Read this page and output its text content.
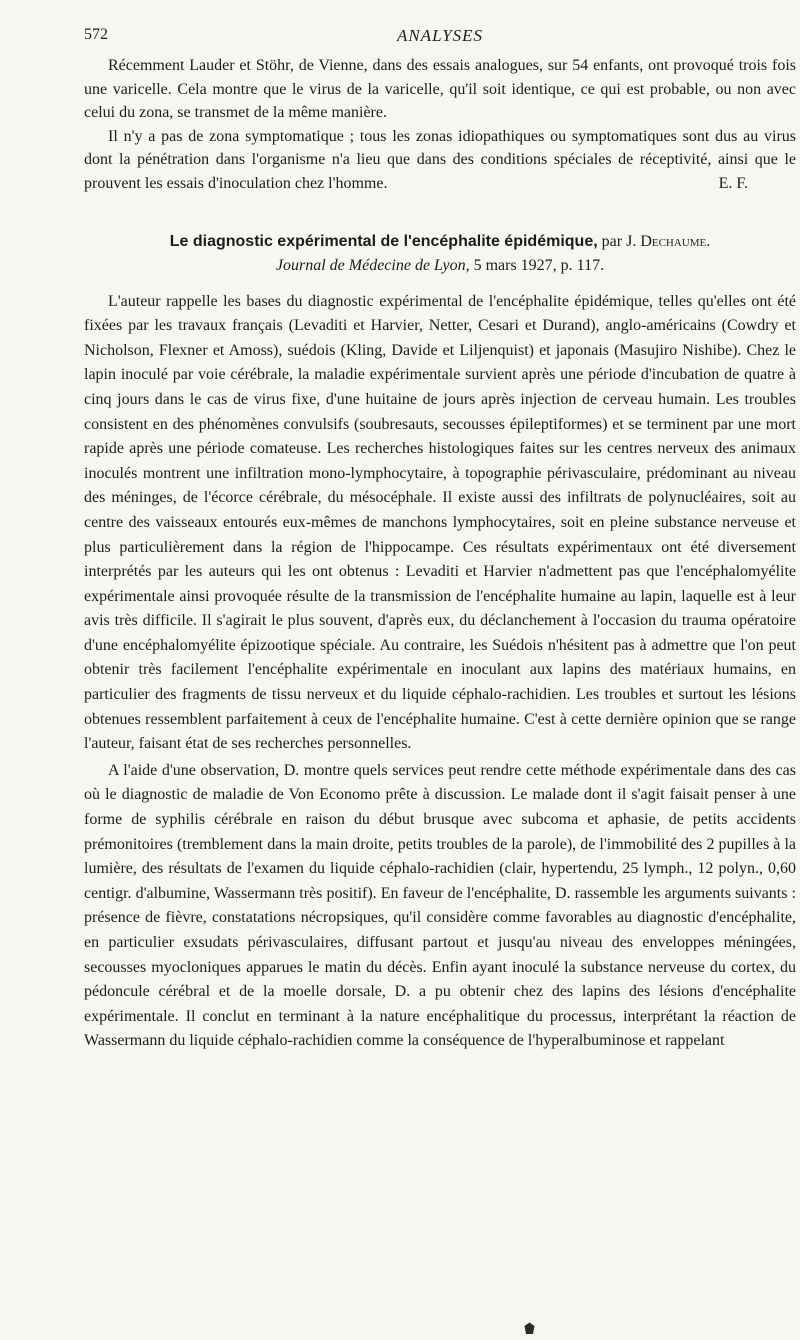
572	ANALYSES

Récemment Lauder et Stöhr, de Vienne, dans des essais analogues, sur 54 enfants, ont provoqué trois fois une varicelle. Cela montre que le virus de la varicelle, qu'il soit identique, ce qui est probable, ou non avec celui du zona, se transmet de la même manière.

Il n'y a pas de zona symptomatique ; tous les zonas idiopathiques ou symptomatiques sont dus au virus dont la pénétration dans l'organisme n'a lieu que dans des conditions spéciales de réceptivité, ainsi que le prouvent les essais d'inoculation chez l'homme.	E. F.

Le diagnostic expérimental de l'encéphalite épidémique, par J. Dechaume.
Journal de Médecine de Lyon, 5 mars 1927, p. 117.

L'auteur rappelle les bases du diagnostic expérimental de l'encéphalite épidémique, telles qu'elles ont été fixées par les travaux français (Levaditi et Harvier, Netter, Cesari et Durand), anglo-américains (Cowdry et Nicholson, Flexner et Amoss), suédois (Kling, Davide et Liljenquist) et japonais (Masujiro Nishibe). Chez le lapin inoculé par voie cérébrale, la maladie expérimentale survient après une période d'incubation de quatre à cinq jours dans le cas de virus fixe, d'une huitaine de jours après injection de cerveau humain. Les troubles consistent en des phénomènes convulsifs (soubresauts, secousses épileptiformes) et se terminent par une mort rapide après une période comateuse. Les recherches histologiques faites sur les centres nerveux des animaux inoculés montrent une infiltration mono-lymphocytaire, à topographie périvasculaire, prédominant au niveau des méninges, de l'écorce cérébrale, du mésocéphale. Il existe aussi des infiltrats de polynucléaires, soit au centre des vaisseaux entourés eux-mêmes de manchons lymphocytaires, soit en pleine substance nerveuse et plus particulièrement dans la région de l'hippocampe. Ces résultats expérimentaux ont été diversement interprétés par les auteurs qui les ont obtenus : Levaditi et Harvier n'admettent pas que l'encéphalomyélite expérimentale ainsi provoquée résulte de la transmission de l'encéphalite humaine au lapin, laquelle est à leur avis très difficile. Il s'agirait le plus souvent, d'après eux, du déclanchement à l'occasion du trauma opératoire d'une encéphalomyélite épizootique spéciale. Au contraire, les Suédois n'hésitent pas à admettre que l'on peut obtenir très facilement l'encéphalite expérimentale en inoculant aux lapins des matériaux humains, en particulier des fragments de tissu nerveux et du liquide céphalo-rachidien. Les troubles et surtout les lésions obtenues ressemblent parfaitement à ceux de l'encéphalite humaine. C'est à cette dernière opinion que se range l'auteur, faisant état de ses recherches personnelles.

A l'aide d'une observation, D. montre quels services peut rendre cette méthode expérimentale dans des cas où le diagnostic de maladie de Von Economo prête à discussion. Le malade dont il s'agit faisait penser à une forme de syphilis cérébrale en raison du début brusque avec subcoma et aphasie, de petits accidents prémonitoires (tremblement dans la main droite, petits troubles de la parole), de l'immobilité des 2 pupilles à la lumière, des résultats de l'examen du liquide céphalo-rachidien (clair, hypertendu, 25 lymph., 12 polyn., 0,60 centigr. d'albumine, Wassermann très positif). En faveur de l'encéphalite, D. rassemble les arguments suivants : présence de fièvre, constatations nécropsiques, qu'il considère comme favorables au diagnostic d'encéphalite, en particulier exsudats périvasculaires, diffusant partout et jusqu'au niveau des enveloppes méningées, secousses myocloniques apparues le matin du décès. Enfin ayant inoculé la substance nerveuse du cortex, du pédoncule cérébral et de la moelle dorsale, D. a pu obtenir chez des lapins des lésions d'encéphalite expérimentale. Il conclut en terminant à la nature encéphalitique du processus, interprétant la réaction de Wassermann du liquide céphalo-rachidien comme la conséquence de l'hyperalbuminose et rappelant
